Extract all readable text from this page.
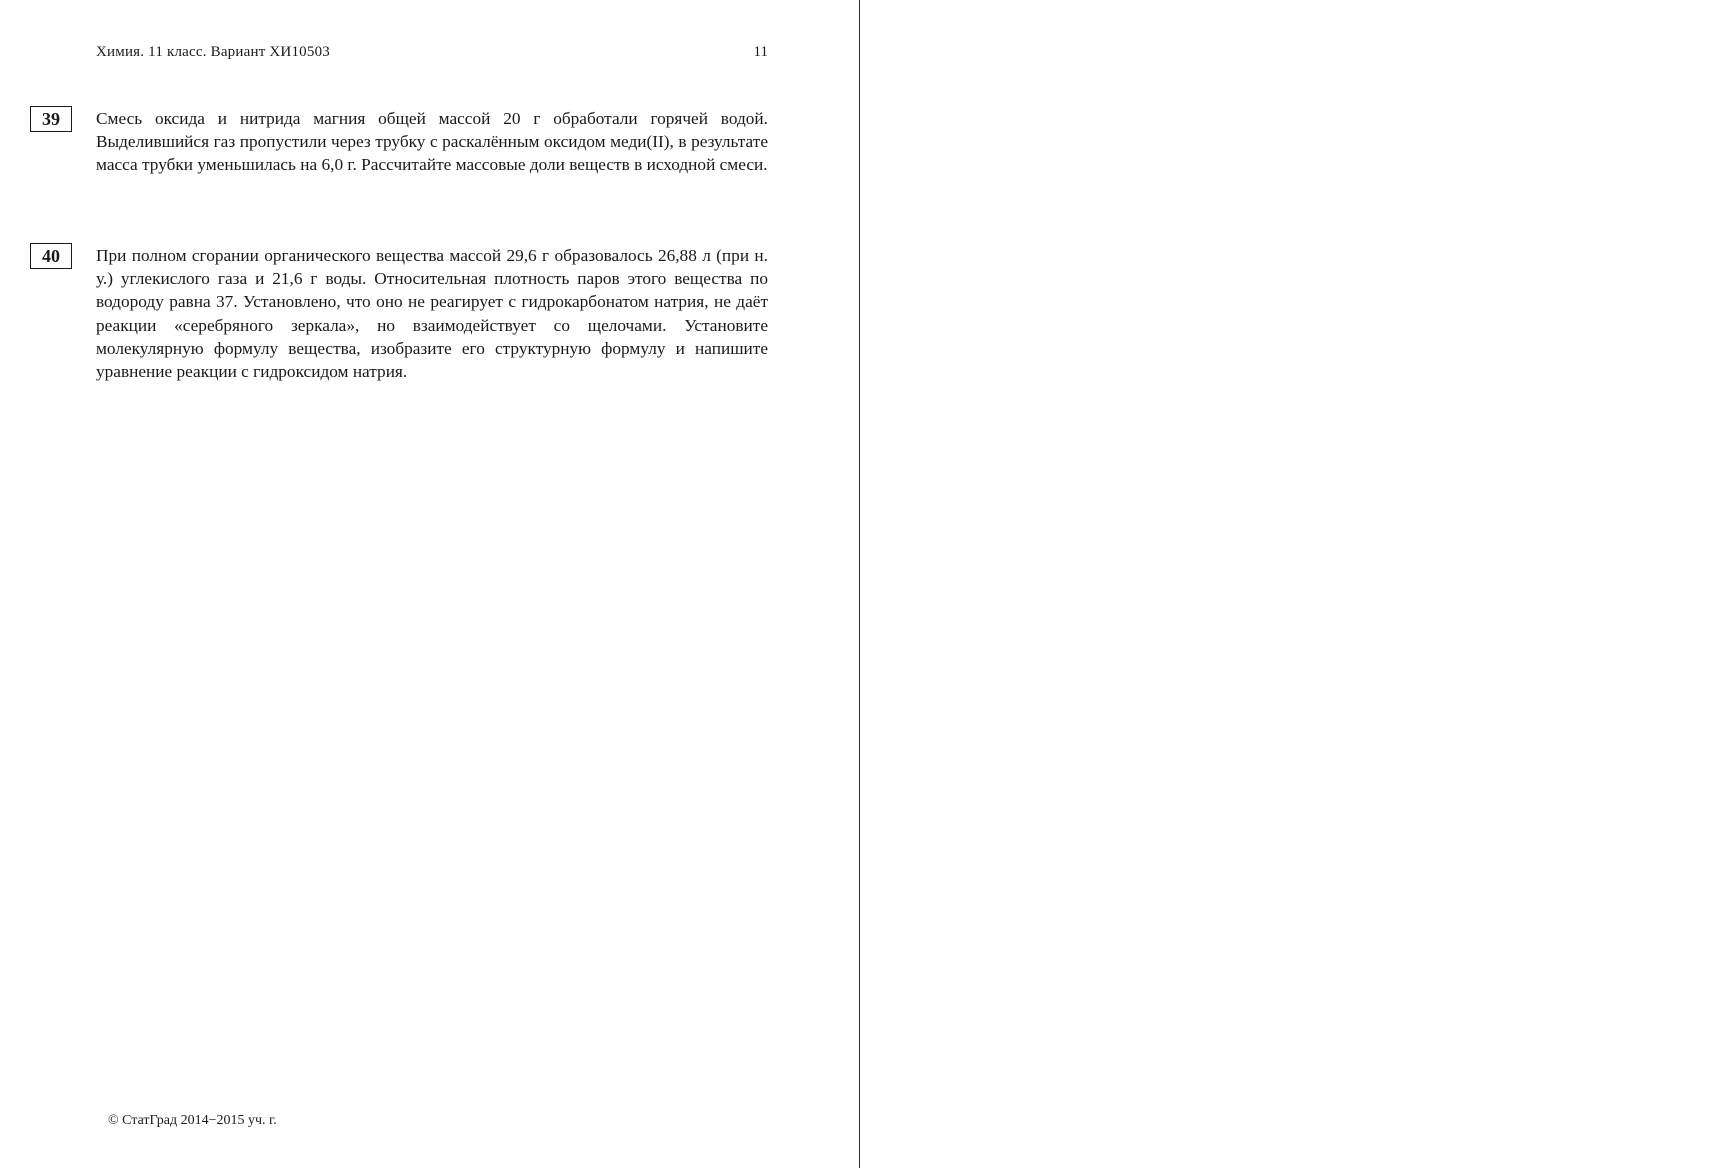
Химия. 11 класс. Вариант ХИ10503	11
39	Смесь оксида и нитрида магния общей массой 20 г обработали горячей водой. Выделившийся газ пропустили через трубку с раскалённым оксидом меди(II), в результате масса трубки уменьшилась на 6,0 г. Рассчитайте массовые доли веществ в исходной смеси.

40	При полном сгорании органического вещества массой 29,6 г образовалось 26,88 л (при н. у.) углекислого газа и 21,6 г воды. Относительная плотность паров этого вещества по водороду равна 37. Установлено, что оно не реагирует с гидрокарбонатом натрия, не даёт реакции «серебряного зеркала», но взаимодействует со щелочами. Установите молекулярную формулу вещества, изобразите его структурную формулу и напишите уравнение реакции с гидроксидом натрия.

© СтатГрад 2014−2015 уч. г.
